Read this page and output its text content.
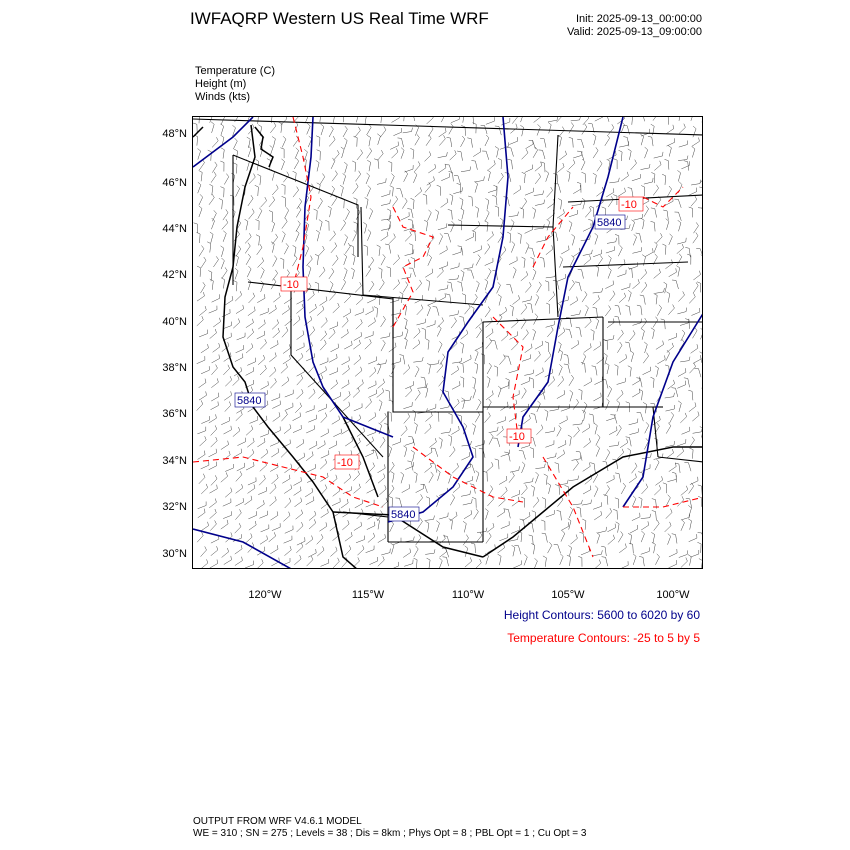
IWFAQRP Western US Real Time WRF	Init: 2025-09-13_00:00:00
Valid: 2025-09-13_09:00:00
Temperature (C)
Height (m)
Winds (kts)
48°N
46°N
44°N
42°N
40°N
38°N
36°N
34°N
32°N
30°N
120°W	115°W	110°W	105°W	100°W
5840
5840
5840
-10
-10
-10
-10
Height Contours: 5600 to 6020 by 60
Temperature Contours: -25 to 5 by 5
OUTPUT FROM WRF V4.6.1 MODEL
WE = 310 ; SN = 275 ; Levels = 38 ; Dis = 8km ; Phys Opt = 8 ; PBL Opt = 1 ; Cu Opt = 3
